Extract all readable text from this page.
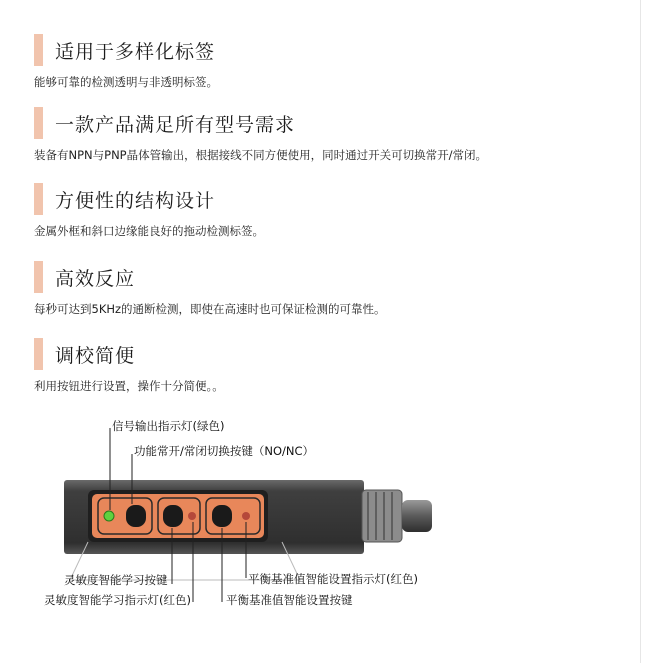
适用于多样化标签
能够可靠的检测透明与非透明标签。
一款产品满足所有型号需求
装备有NPN与PNP晶体管输出，根据接线不同方便使用，同时通过开关可切换常开/常闭。
方便性的结构设计
金属外框和斜口边缘能良好的拖动检测标签。
高效反应
每秒可达到5KHz的通断检测，即使在高速时也可保证检测的可靠性。
调校简便
利用按钮进行设置，操作十分简便。。
信号输出指示灯(绿色)
功能常开/常闭切换按键（NO/NC）
灵敏度智能学习按键	平衡基准值智能设置指示灯(红色)
灵敏度智能学习指示灯(红色)	平衡基准值智能设置按键
